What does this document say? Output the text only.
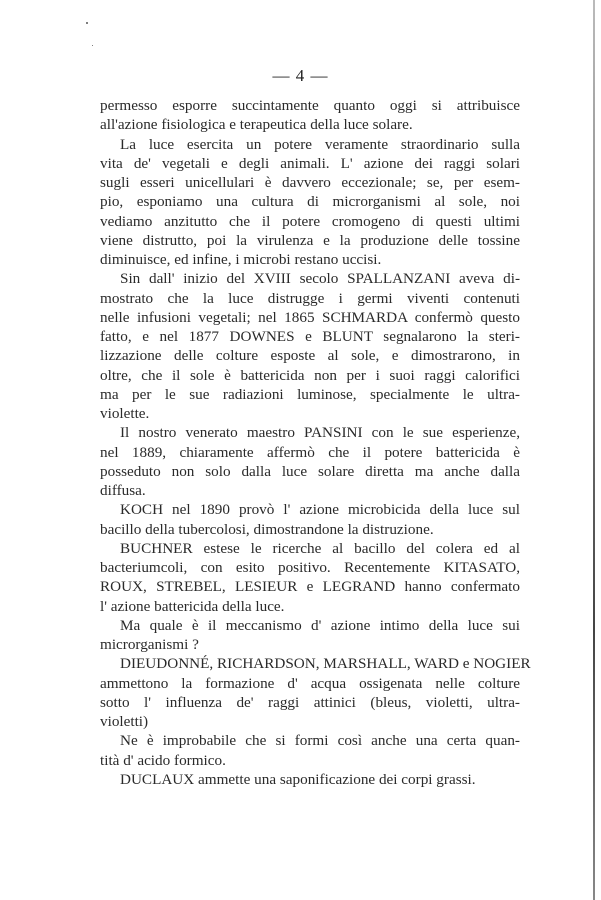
— 4 —
permesso esporre succintamente quanto oggi si attribuisce
all'azione fisiologica e terapeutica della luce solare.
La luce esercita un potere veramente straordinario sulla
vita de' vegetali e degli animali. L' azione dei raggi solari
sugli esseri unicellulari è davvero eccezionale; se, per esem-
pio, esponiamo una cultura di microrganismi al sole, noi
vediamo anzitutto che il potere cromogeno di questi ultimi
viene distrutto, poi la virulenza e la produzione delle tossine
diminuisce, ed infine, i microbi restano uccisi.
Sin dall' inizio del XVIII secolo SPALLANZANI aveva di-
mostrato che la luce distrugge i germi viventi contenuti
nelle infusioni vegetali; nel 1865 SCHMARDA confermò questo
fatto, e nel 1877 DOWNES e BLUNT segnalarono la steri-
lizzazione delle colture esposte al sole, e dimostrarono, in
oltre, che il sole è battericida non per i suoi raggi calorifici
ma per le sue radiazioni luminose, specialmente le ultra-
violette.
Il nostro venerato maestro PANSINI con le sue esperienze,
nel 1889, chiaramente affermò che il potere battericida è
posseduto non solo dalla luce solare diretta ma anche dalla
diffusa.
KOCH nel 1890 provò l' azione microbicida della luce sul
bacillo della tubercolosi, dimostrandone la distruzione.
BUCHNER estese le ricerche al bacillo del colera ed al
bacteriumcoli, con esito positivo. Recentemente KITASATO,
ROUX, STREBEL, LESIEUR e LEGRAND hanno confermato
l' azione battericida della luce.
Ma quale è il meccanismo d' azione intimo della luce sui
microrganismi ?
DIEUDONNÉ, RICHARDSON, MARSHALL, WARD e NOGIER
ammettono la formazione d' acqua ossigenata nelle colture
sotto l' influenza de' raggi attinici (bleus, violetti, ultra-
violetti)
Ne è improbabile che si formi così anche una certa quan-
tità d' acido formico.
DUCLAUX ammette una saponificazione dei corpi grassi.
